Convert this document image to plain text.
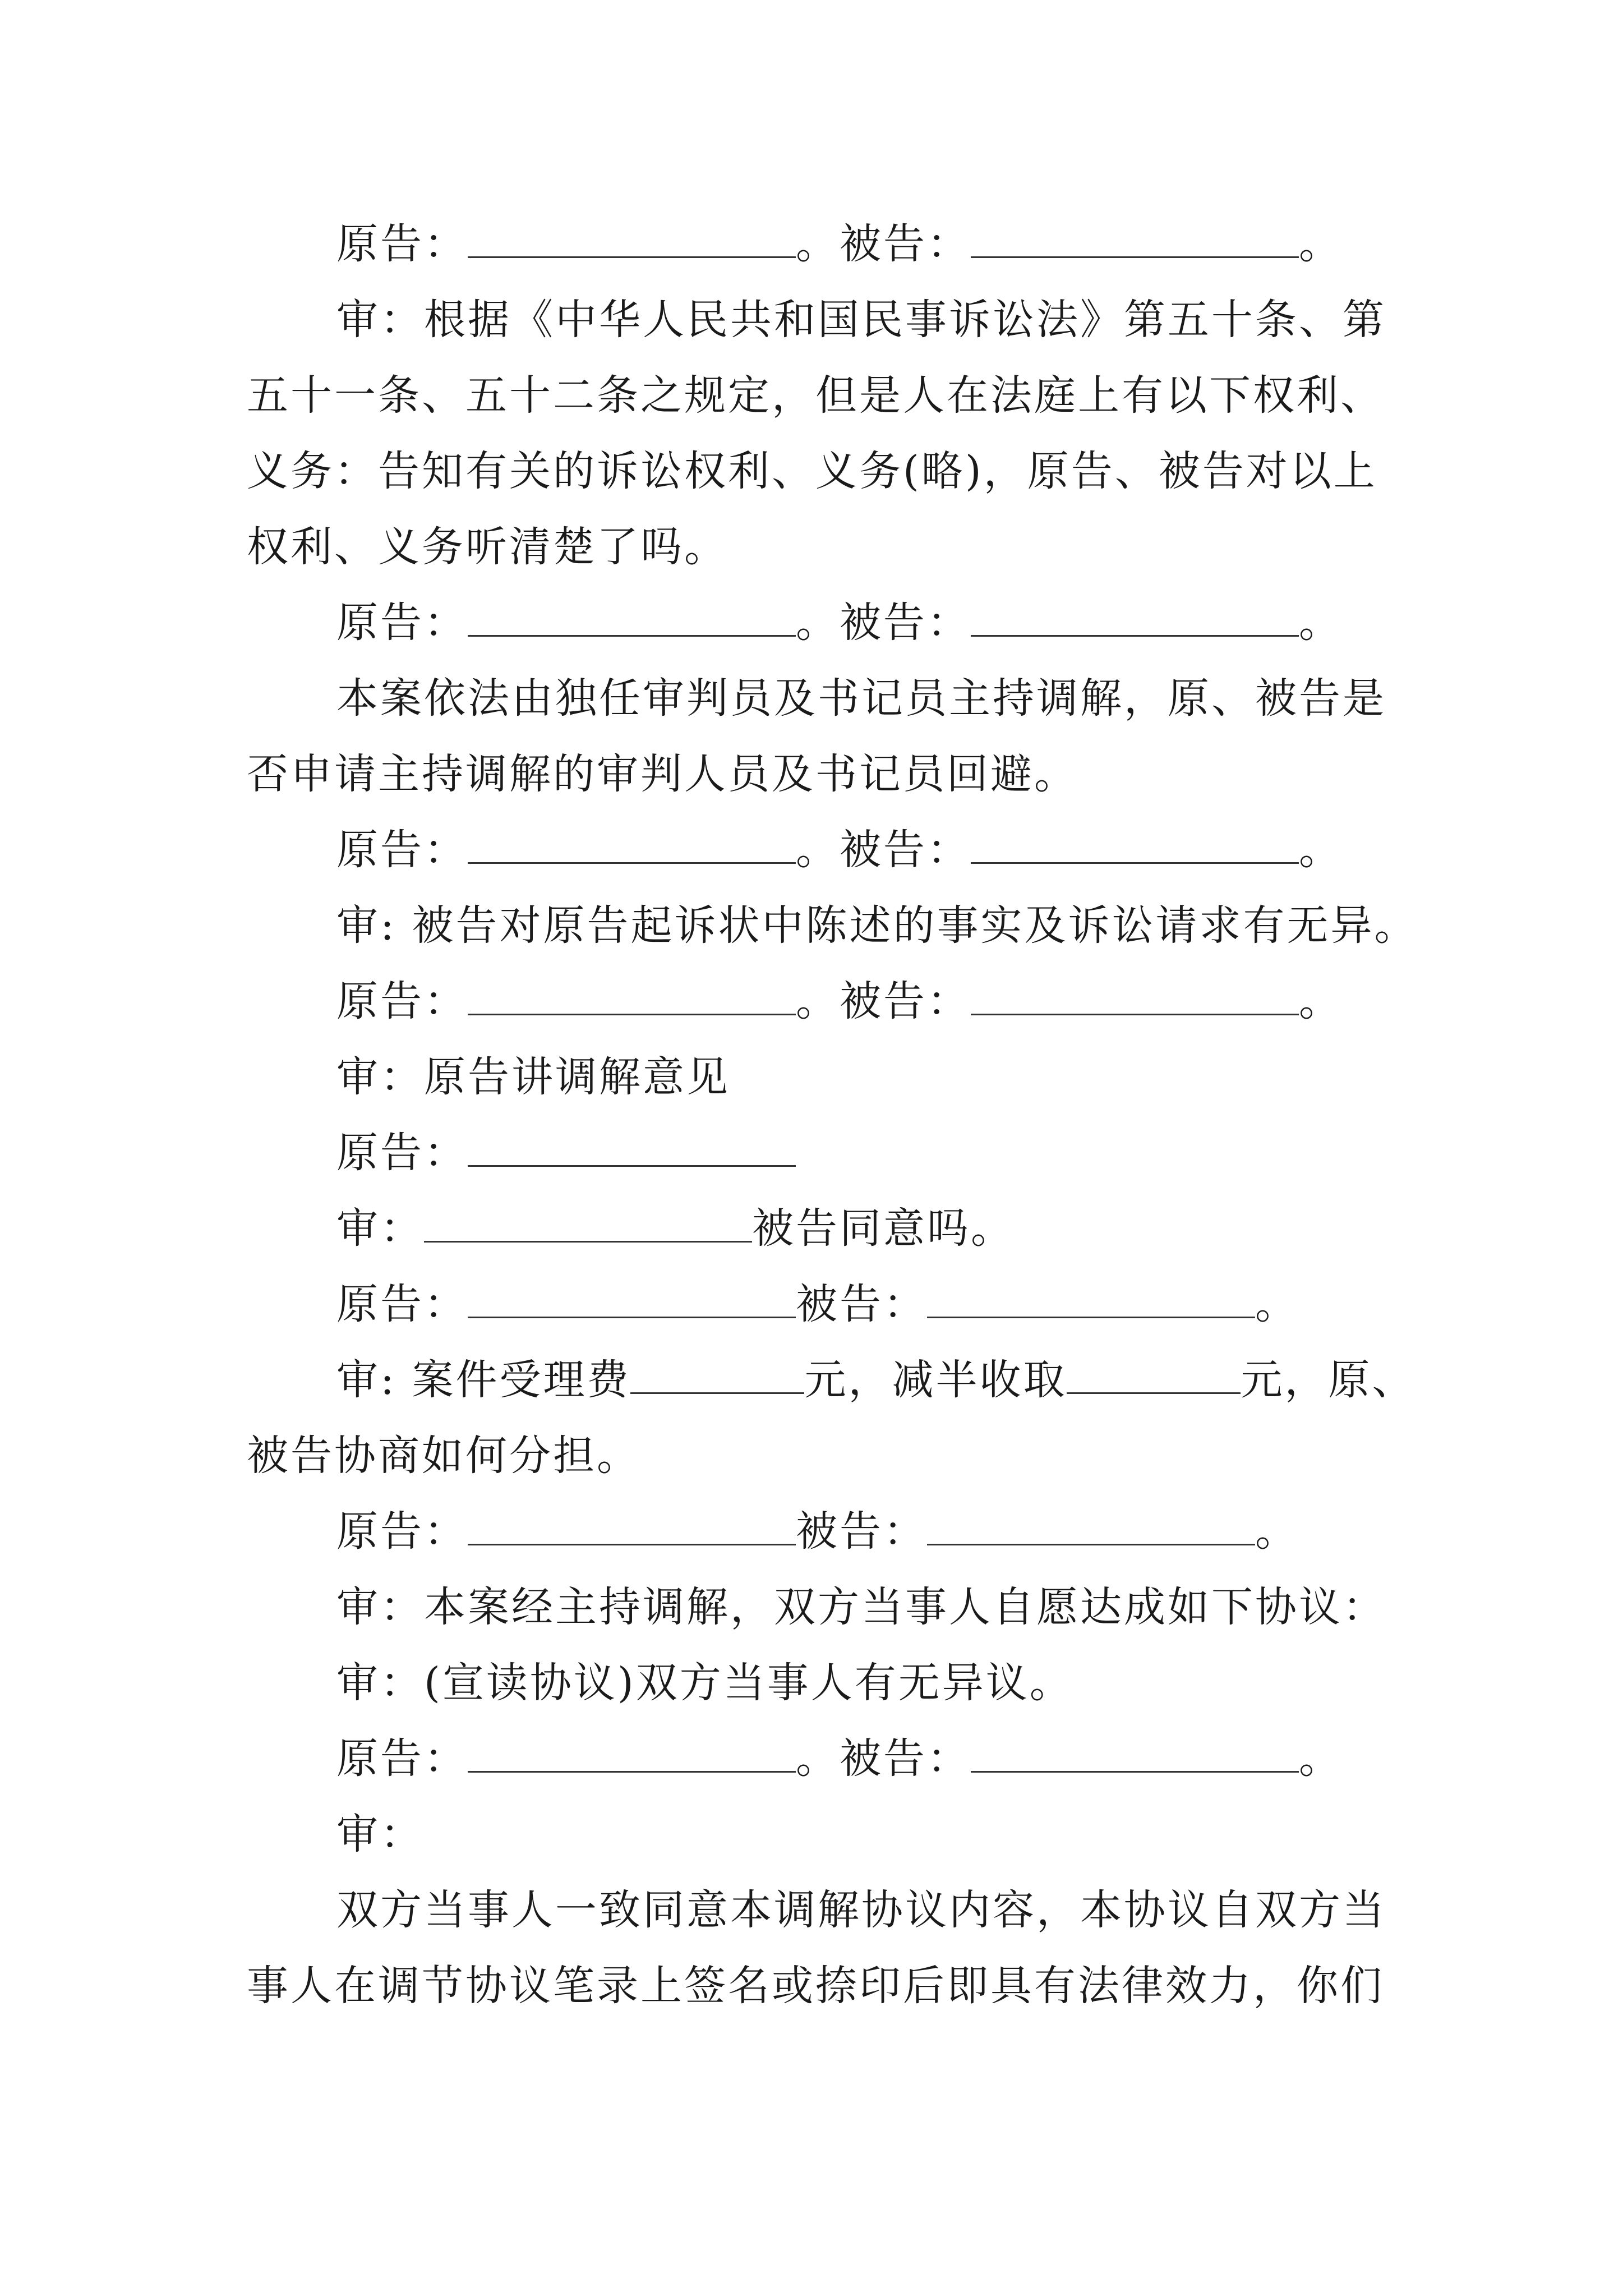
原告：	。被告：	。
审：根据《中华人民共和国民事诉讼法》第五十条、第
五十一条、五十二条之规定，但是人在法庭上有以下权利、
义务：告知有关的诉讼权利、义务(略)，原告、被告对以上
权利、义务听清楚了吗。
原告：	。被告：	。
本案依法由独任审判员及书记员主持调解，原、被告是
否申请主持调解的审判人员及书记员回避。
原告：	。被告：	。
审: 被告对原告起诉状中陈述的事实及诉讼请求有无异。
原告：	。被告：	。
审：原告讲调解意见
原告：
审：	被告同意吗。
原告：	被告：	。
审: 案件受理费	元，减半收取	元，原、
被告协商如何分担。
原告：	被告：	。
审：本案经主持调解，双方当事人自愿达成如下协议：
审：(宣读协议)双方当事人有无异议。
原告：	。被告：	。
审：
双方当事人一致同意本调解协议内容，本协议自双方当
事人在调节协议笔录上签名或捺印后即具有法律效力，你们
